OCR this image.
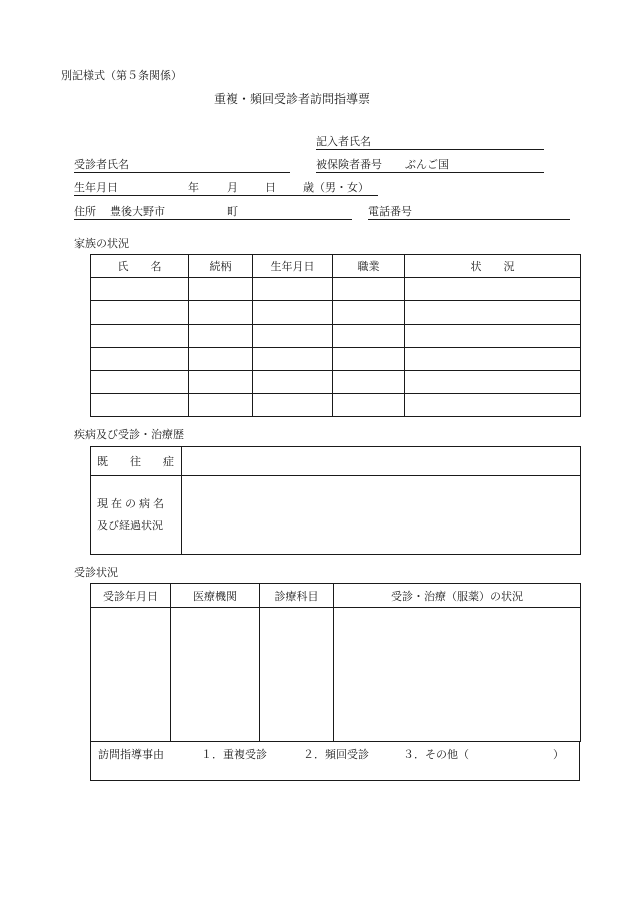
別記様式（第５条関係）
重複・頻回受診者訪問指導票
記入者氏名
受診者氏名	被保険者番号 ぶんご国
生年月日	年	月 日 歳（男・女）
住所 豊後大野市	町	電話番号
家族の状況
氏　　名	続柄	生年月日	職業	状　　況

疾病及び受診・治療歴
既　　往　　症	

現在の病名
及び経過状況	

受診状況
受診年月日	医療機関	診療科目	受診・治療（服薬）の状況

訪問指導事由	１．重複受診	２．頻回受診	３．その他（	）
